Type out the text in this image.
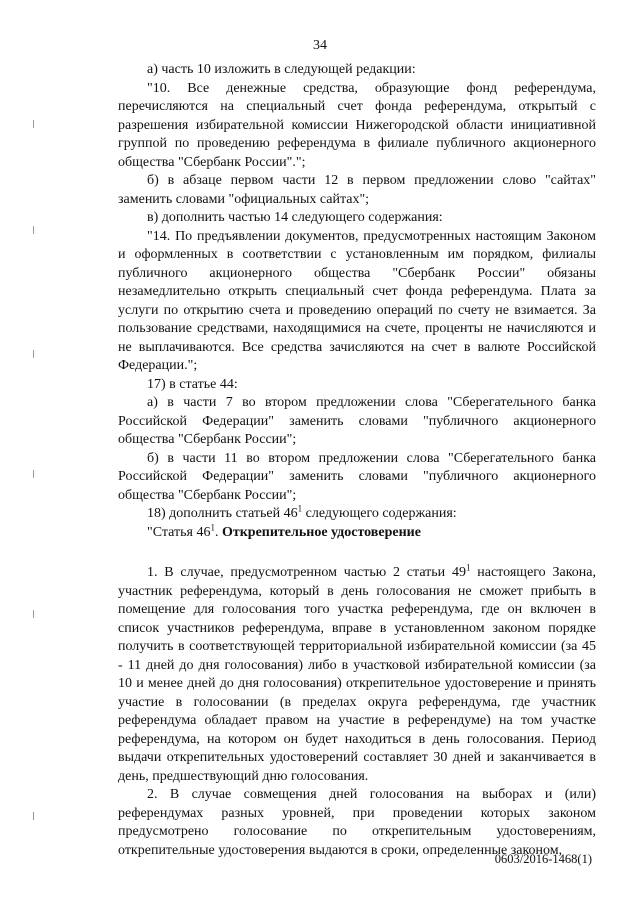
34

а) часть 10 изложить в следующей редакции:

"10. Все денежные средства, образующие фонд референдума, перечисляются на специальный счет фонда референдума, открытый с разрешения избирательной комиссии Нижегородской области инициативной группой по проведению референдума в филиале публичного акционерного общества "Сбербанк России".";

б) в абзаце первом части 12 в первом предложении слово "сайтах" заменить словами "официальных сайтах";

в) дополнить частью 14 следующего содержания:

"14. По предъявлении документов, предусмотренных настоящим Законом и оформленных в соответствии с установленным им порядком, филиалы публичного акционерного общества "Сбербанк России" обязаны незамедлительно открыть специальный счет фонда референдума. Плата за услуги по открытию счета и проведению операций по счету не взимается. За пользование средствами, находящимися на счете, проценты не начисляются и не выплачиваются. Все средства зачисляются на счет в валюте Российской Федерации.";

17) в статье 44:

а) в части 7 во втором предложении слова "Сберегательного банка Российской Федерации" заменить словами "публичного акционерного общества "Сбербанк России";

б) в части 11 во втором предложении слова "Сберегательного банка Российской Федерации" заменить словами "публичного акционерного общества "Сбербанк России";

18) дополнить статьей $46^1$ следующего содержания:

"Статья $46^1$. Открепительное удостоверение

1. В случае, предусмотренном частью 2 статьи $49^1$ настоящего Закона, участник референдума, который в день голосования не сможет прибыть в помещение для голосования того участка референдума, где он включен в список участников референдума, вправе в установленном законом порядке получить в соответствующей территориальной избирательной комиссии (за 45 - 11 дней до дня голосования) либо в участковой избирательной комиссии (за 10 и менее дней до дня голосования) открепительное удостоверение и принять участие в голосовании (в пределах округа референдума, где участник референдума обладает правом на участие в референдуме) на том участке референдума, на котором он будет находиться в день голосования. Период выдачи открепительных удостоверений составляет 30 дней и заканчивается в день, предшествующий дню голосования.

2. В случае совмещения дней голосования на выборах и (или) референдумах разных уровней, при проведении которых законом предусмотрено голосование по открепительным удостоверениям, открепительные удостоверения выдаются в сроки, определенные законом,

0603/2016-1468(1)
